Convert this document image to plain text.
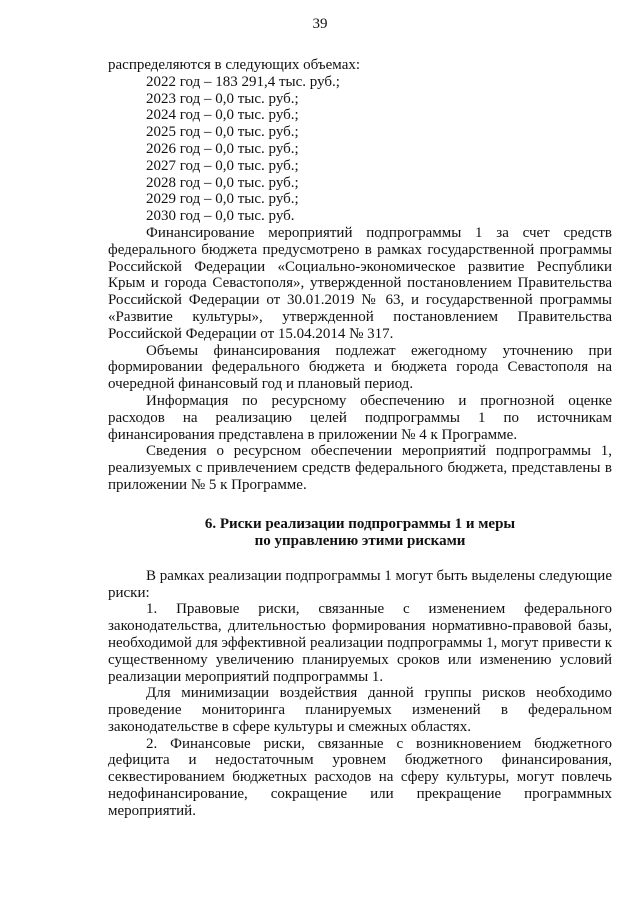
39

распределяются в следующих объемах:

2022 год – 183 291,4 тыс. руб.;
2023 год – 0,0 тыс. руб.;
2024 год – 0,0 тыс. руб.;
2025 год – 0,0 тыс. руб.;
2026 год – 0,0 тыс. руб.;
2027 год – 0,0 тыс. руб.;
2028 год – 0,0 тыс. руб.;
2029 год – 0,0 тыс. руб.;
2030 год – 0,0 тыс. руб.

Финансирование мероприятий подпрограммы 1 за счет средств федерального бюджета предусмотрено в рамках государственной программы Российской Федерации «Социально-экономическое развитие Республики Крым и города Севастополя», утвержденной постановлением Правительства Российской Федерации от 30.01.2019 № 63, и государственной программы «Развитие культуры», утвержденной постановлением Правительства Российской Федерации от 15.04.2014 № 317.

Объемы финансирования подлежат ежегодному уточнению при формировании федерального бюджета и бюджета города Севастополя на очередной финансовый год и плановый период.

Информация по ресурсному обеспечению и прогнозной оценке расходов на реализацию целей подпрограммы 1 по источникам финансирования представлена в приложении № 4 к Программе.

Сведения о ресурсном обеспечении мероприятий подпрограммы 1, реализуемых с привлечением средств федерального бюджета, представлены в приложении № 5 к Программе.

6. Риски реализации подпрограммы 1 и меры
по управлению этими рисками

В рамках реализации подпрограммы 1 могут быть выделены следующие риски:

1. Правовые риски, связанные с изменением федерального законодательства, длительностью формирования нормативно-правовой базы, необходимой для эффективной реализации подпрограммы 1, могут привести к существенному увеличению планируемых сроков или изменению условий реализации мероприятий подпрограммы 1.

Для минимизации воздействия данной группы рисков необходимо проведение мониторинга планируемых изменений в федеральном законодательстве в сфере культуры и смежных областях.

2. Финансовые риски, связанные с возникновением бюджетного дефицита и недостаточным уровнем бюджетного финансирования, секвестированием бюджетных расходов на сферу культуры, могут повлечь недофинансирование, сокращение или прекращение программных мероприятий.
